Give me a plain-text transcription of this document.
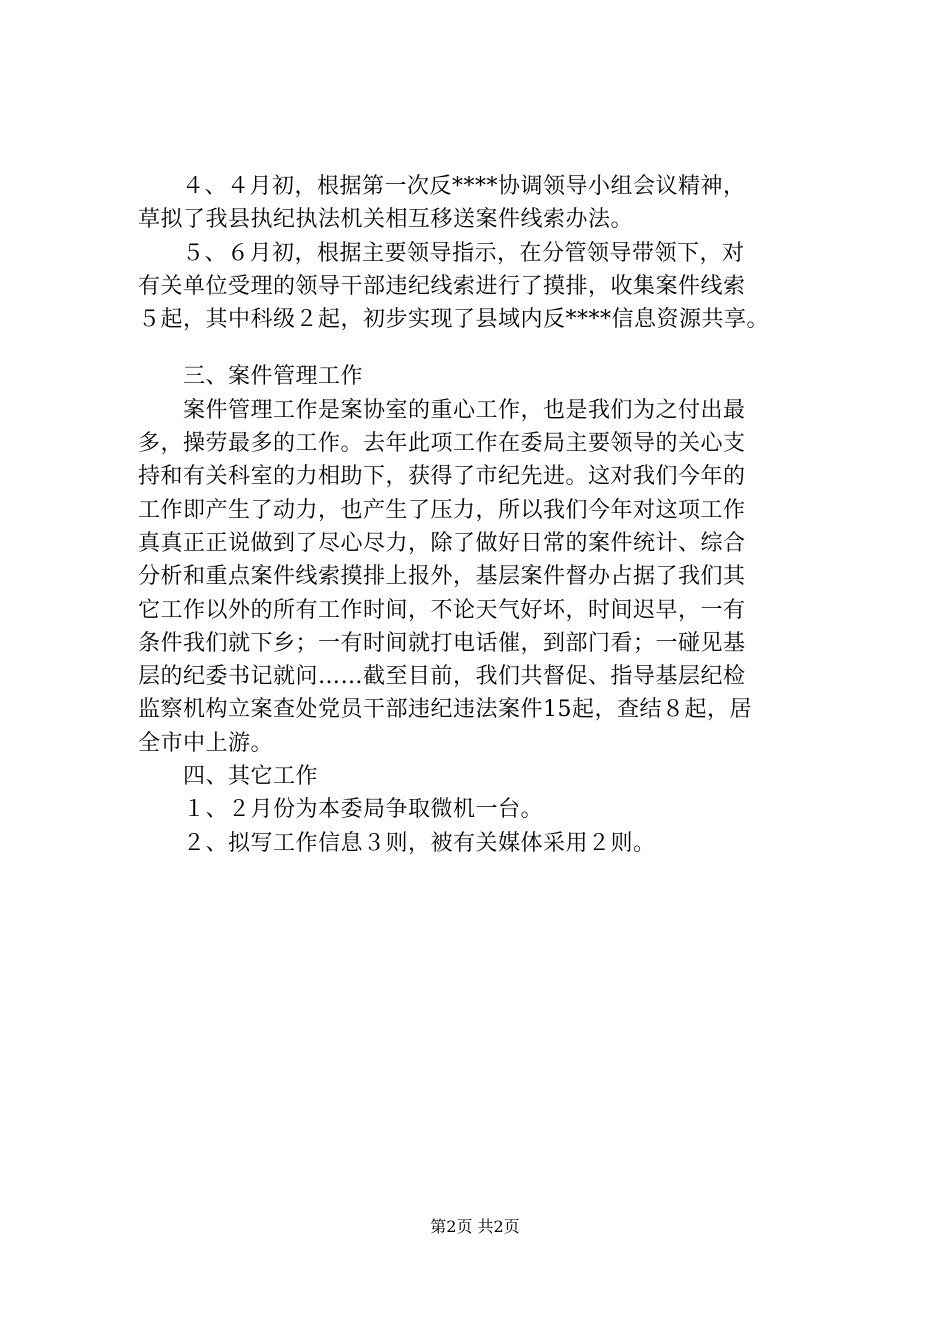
４、４月初，根据第一次反****协调领导小组会议精神，
草拟了我县执纪执法机关相互移送案件线索办法。
５、６月初，根据主要领导指示，在分管领导带领下，对
有关单位受理的领导干部违纪线索进行了摸排，收集案件线索
５起，其中科级２起，初步实现了县域内反****信息资源共享。
三、案件管理工作
案件管理工作是案协室的重心工作，也是我们为之付出最
多，操劳最多的工作。去年此项工作在委局主要领导的关心支
持和有关科室的力相助下，获得了市纪先进。这对我们今年的
工作即产生了动力，也产生了压力，所以我们今年对这项工作
真真正正说做到了尽心尽力，除了做好日常的案件统计、综合
分析和重点案件线索摸排上报外，基层案件督办占据了我们其
它工作以外的所有工作时间，不论天气好坏，时间迟早，一有
条件我们就下乡；一有时间就打电话催，到部门看；一碰见基
层的纪委书记就问……截至目前，我们共督促、指导基层纪检
监察机构立案查处党员干部违纪违法案件15起，查结８起，居
全市中上游。
四、其它工作
１、２月份为本委局争取微机一台。
２、拟写工作信息３则，被有关媒体采用２则。
第2页 共2页
